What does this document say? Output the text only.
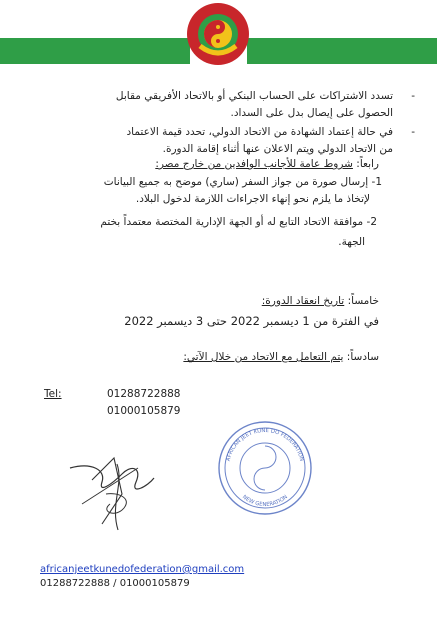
-
تسدد الاشتراكات على الحساب البنكي أو بالاتحاد الأفريقي مقابل
الحصول على إيصال بدل على السداد.
-
في حالة إعتماد الشهادة من الاتحاد الدولي، تحدد قيمة الاعتماد
من الاتحاد الدولي ويتم الاعلان عنها أثناء إقامة الدورة.
رابعاً: شروط عامة للأجانب الوافدين من خارج مصر:
1- إرسال صورة من جواز السفر (ساري) موضح به جميع البيانات
لإتخاذ ما يلزم نحو إنهاء الاجراءات اللازمة لدخول البلاد.
2- موافقة الاتحاد التابع له أو الجهة الإدارية المختصة معتمداً بختم
الجهة.
خامساً: تاريخ انعقاد الدورة:
في الفترة من 1 ديسمبر 2022 حتى 3 ديسمبر 2022
سادساً: يتم التعامل مع الاتحاد من خلال الآتي:
Tel:	01288722888
01000105879
AFRICAN JEET KUNE DO FEDERATION
NEW GENERATION
africanjeetkunedofederation@gmail.com
01288722888 / 01000105879
